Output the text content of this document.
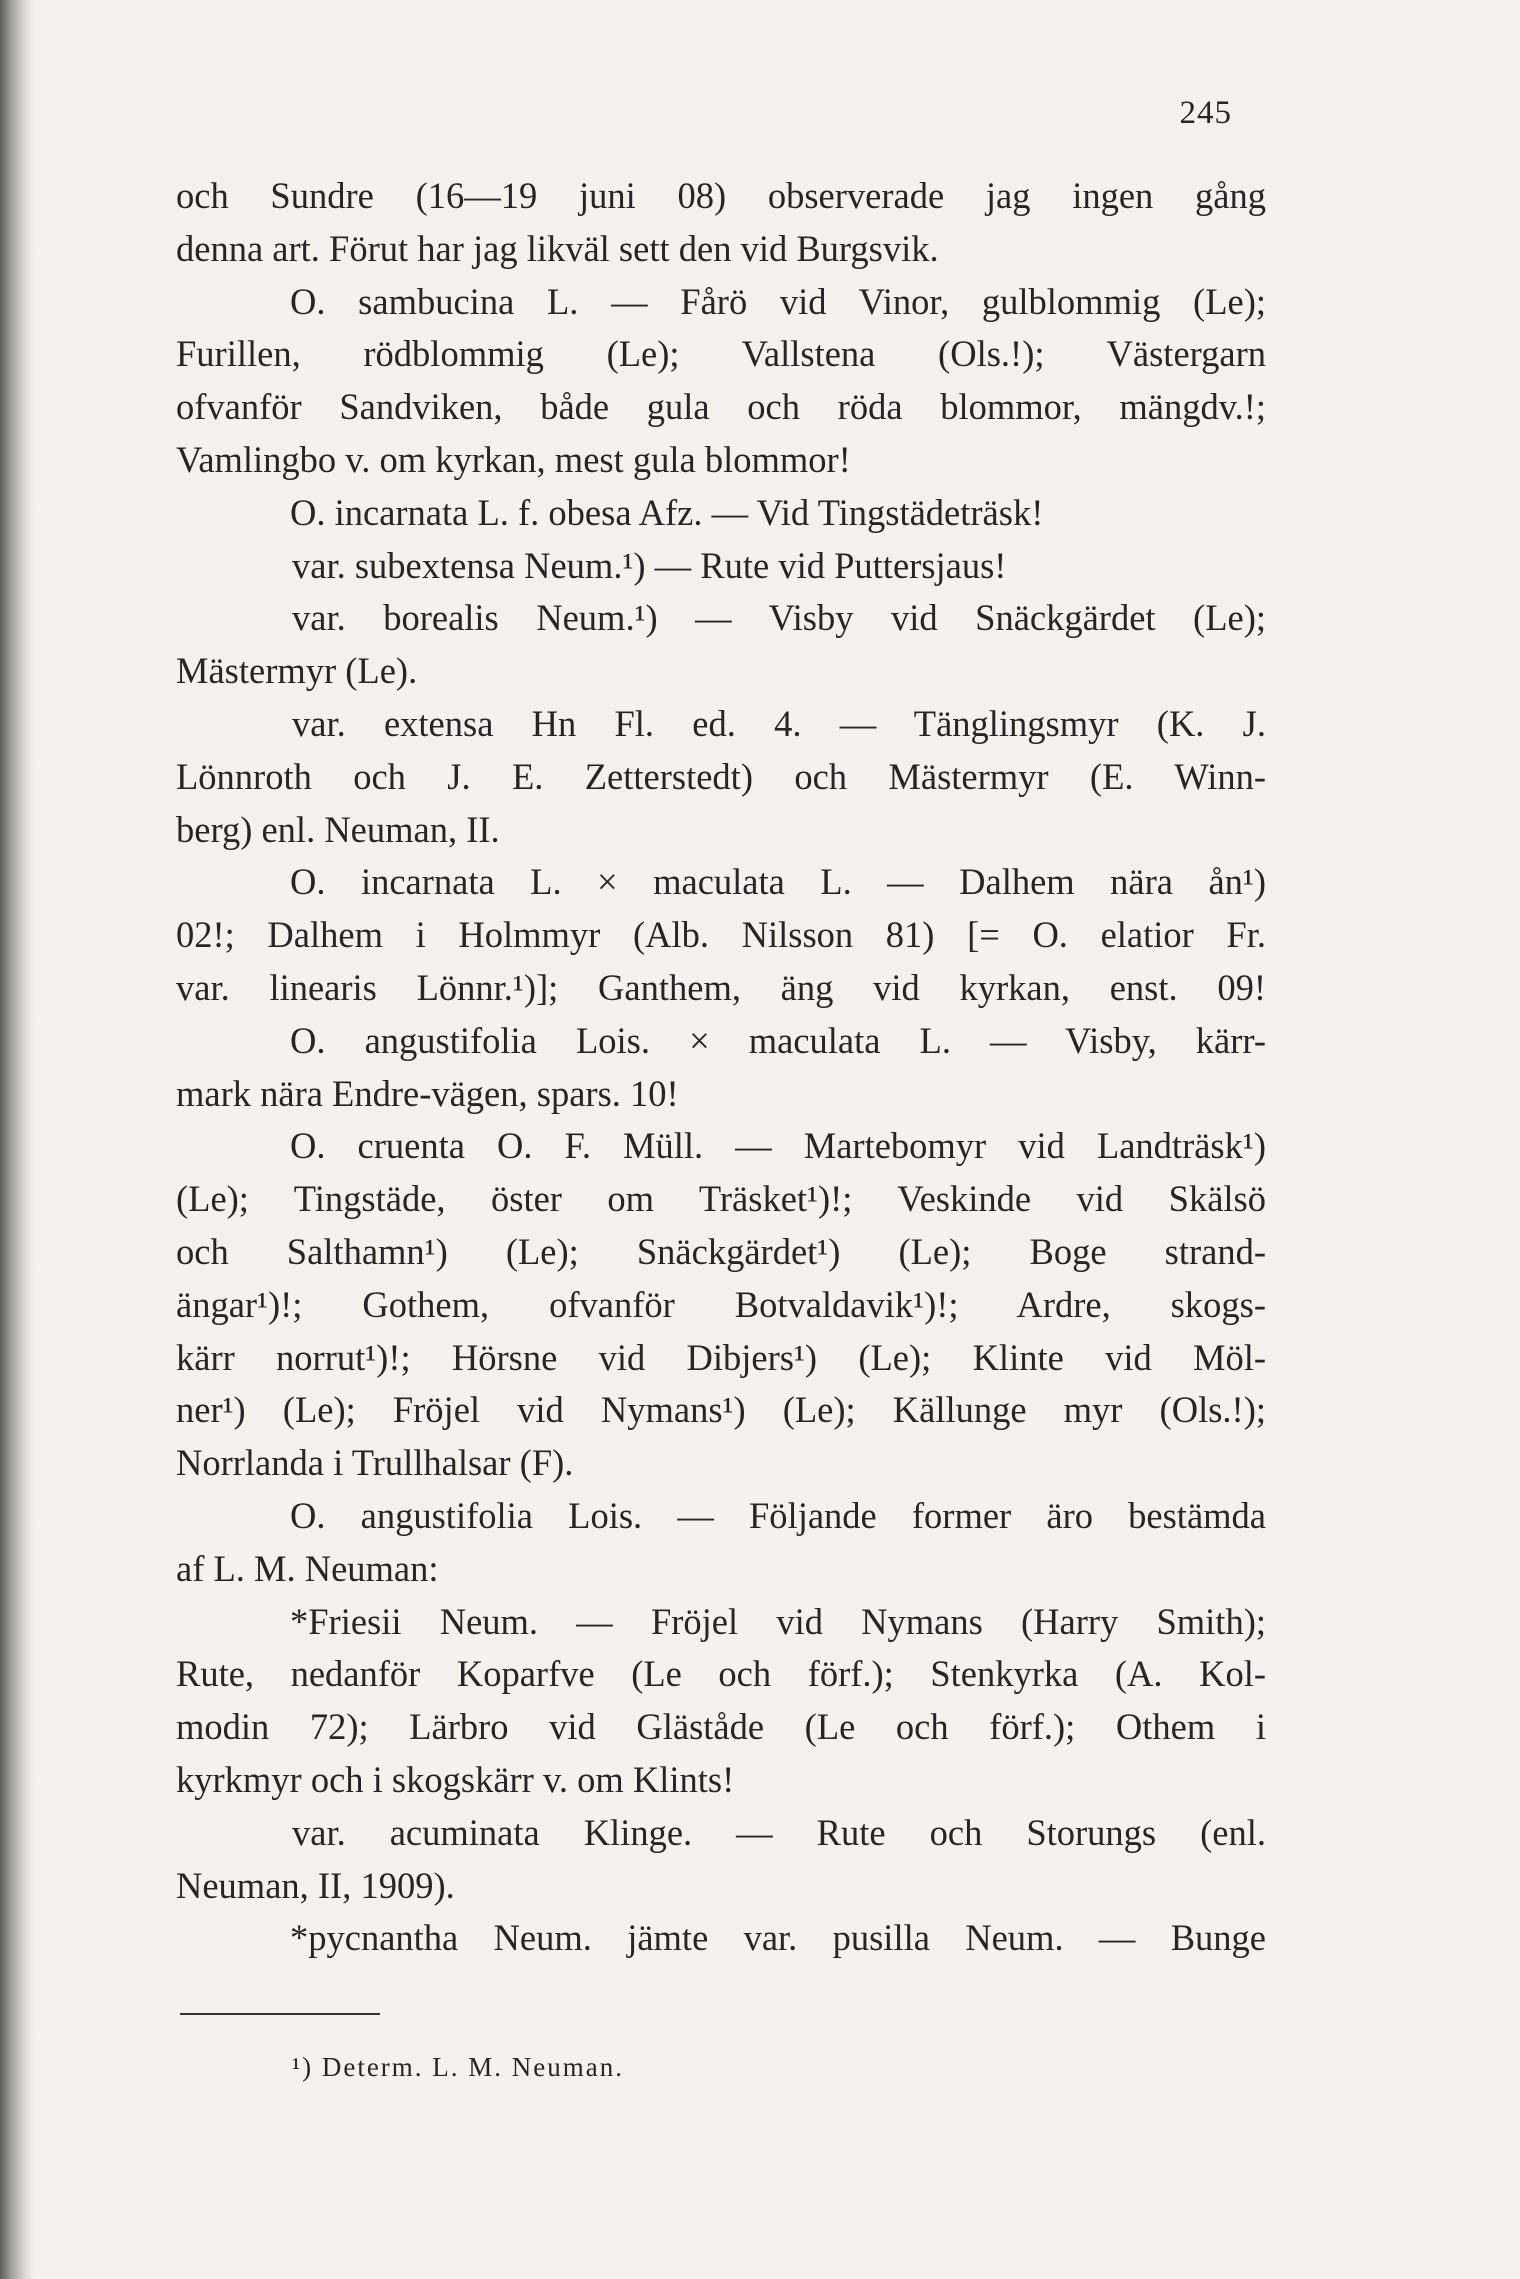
245
och Sundre (16—19 juni 08) observerade jag ingen gång
denna art. Förut har jag likväl sett den vid Burgsvik.
O. sambucina L. — Fårö vid Vinor, gulblommig (Le);
Furillen, rödblommig (Le); Vallstena (Ols.!); Västergarn
ofvanför Sandviken, både gula och röda blommor, mängdv.!;
Vamlingbo v. om kyrkan, mest gula blommor!
O. incarnata L. f. obesa Afz. — Vid Tingstädeträsk!
var. subextensa Neum.¹) — Rute vid Puttersjaus!
var. borealis Neum.¹) — Visby vid Snäckgärdet (Le);
Mästermyr (Le).
var. extensa Hn Fl. ed. 4. — Tänglingsmyr (K. J.
Lönnroth och J. E. Zetterstedt) och Mästermyr (E. Winn-
berg) enl. Neuman, II.
O. incarnata L. × maculata L. — Dalhem nära ån¹)
02!; Dalhem i Holmmyr (Alb. Nilsson 81) [= O. elatior Fr.
var. linearis Lönnr.¹)]; Ganthem, äng vid kyrkan, enst. 09!
O. angustifolia Lois. × maculata L. — Visby, kärr-
mark nära Endre-vägen, spars. 10!
O. cruenta O. F. Müll. — Martebomyr vid Landträsk¹)
(Le); Tingstäde, öster om Träsket¹)!; Veskinde vid Skälsö
och Salthamn¹) (Le); Snäckgärdet¹) (Le); Boge strand-
ängar¹)!; Gothem, ofvanför Botvaldavik¹)!; Ardre, skogs-
kärr norrut¹)!; Hörsne vid Dibjers¹) (Le); Klinte vid Möl-
ner¹) (Le); Fröjel vid Nymans¹) (Le); Källunge myr (Ols.!);
Norrlanda i Trullhalsar (F).
O. angustifolia Lois. — Följande former äro bestämda
af L. M. Neuman:
*Friesii Neum. — Fröjel vid Nymans (Harry Smith);
Rute, nedanför Koparfve (Le och förf.); Stenkyrka (A. Kol-
modin 72); Lärbro vid Gläståde (Le och förf.); Othem i
kyrkmyr och i skogskärr v. om Klints!
var. acuminata Klinge. — Rute och Storungs (enl.
Neuman, II, 1909).
*pycnantha Neum. jämte var. pusilla Neum. — Bunge
¹) Determ. L. M. Neuman.
